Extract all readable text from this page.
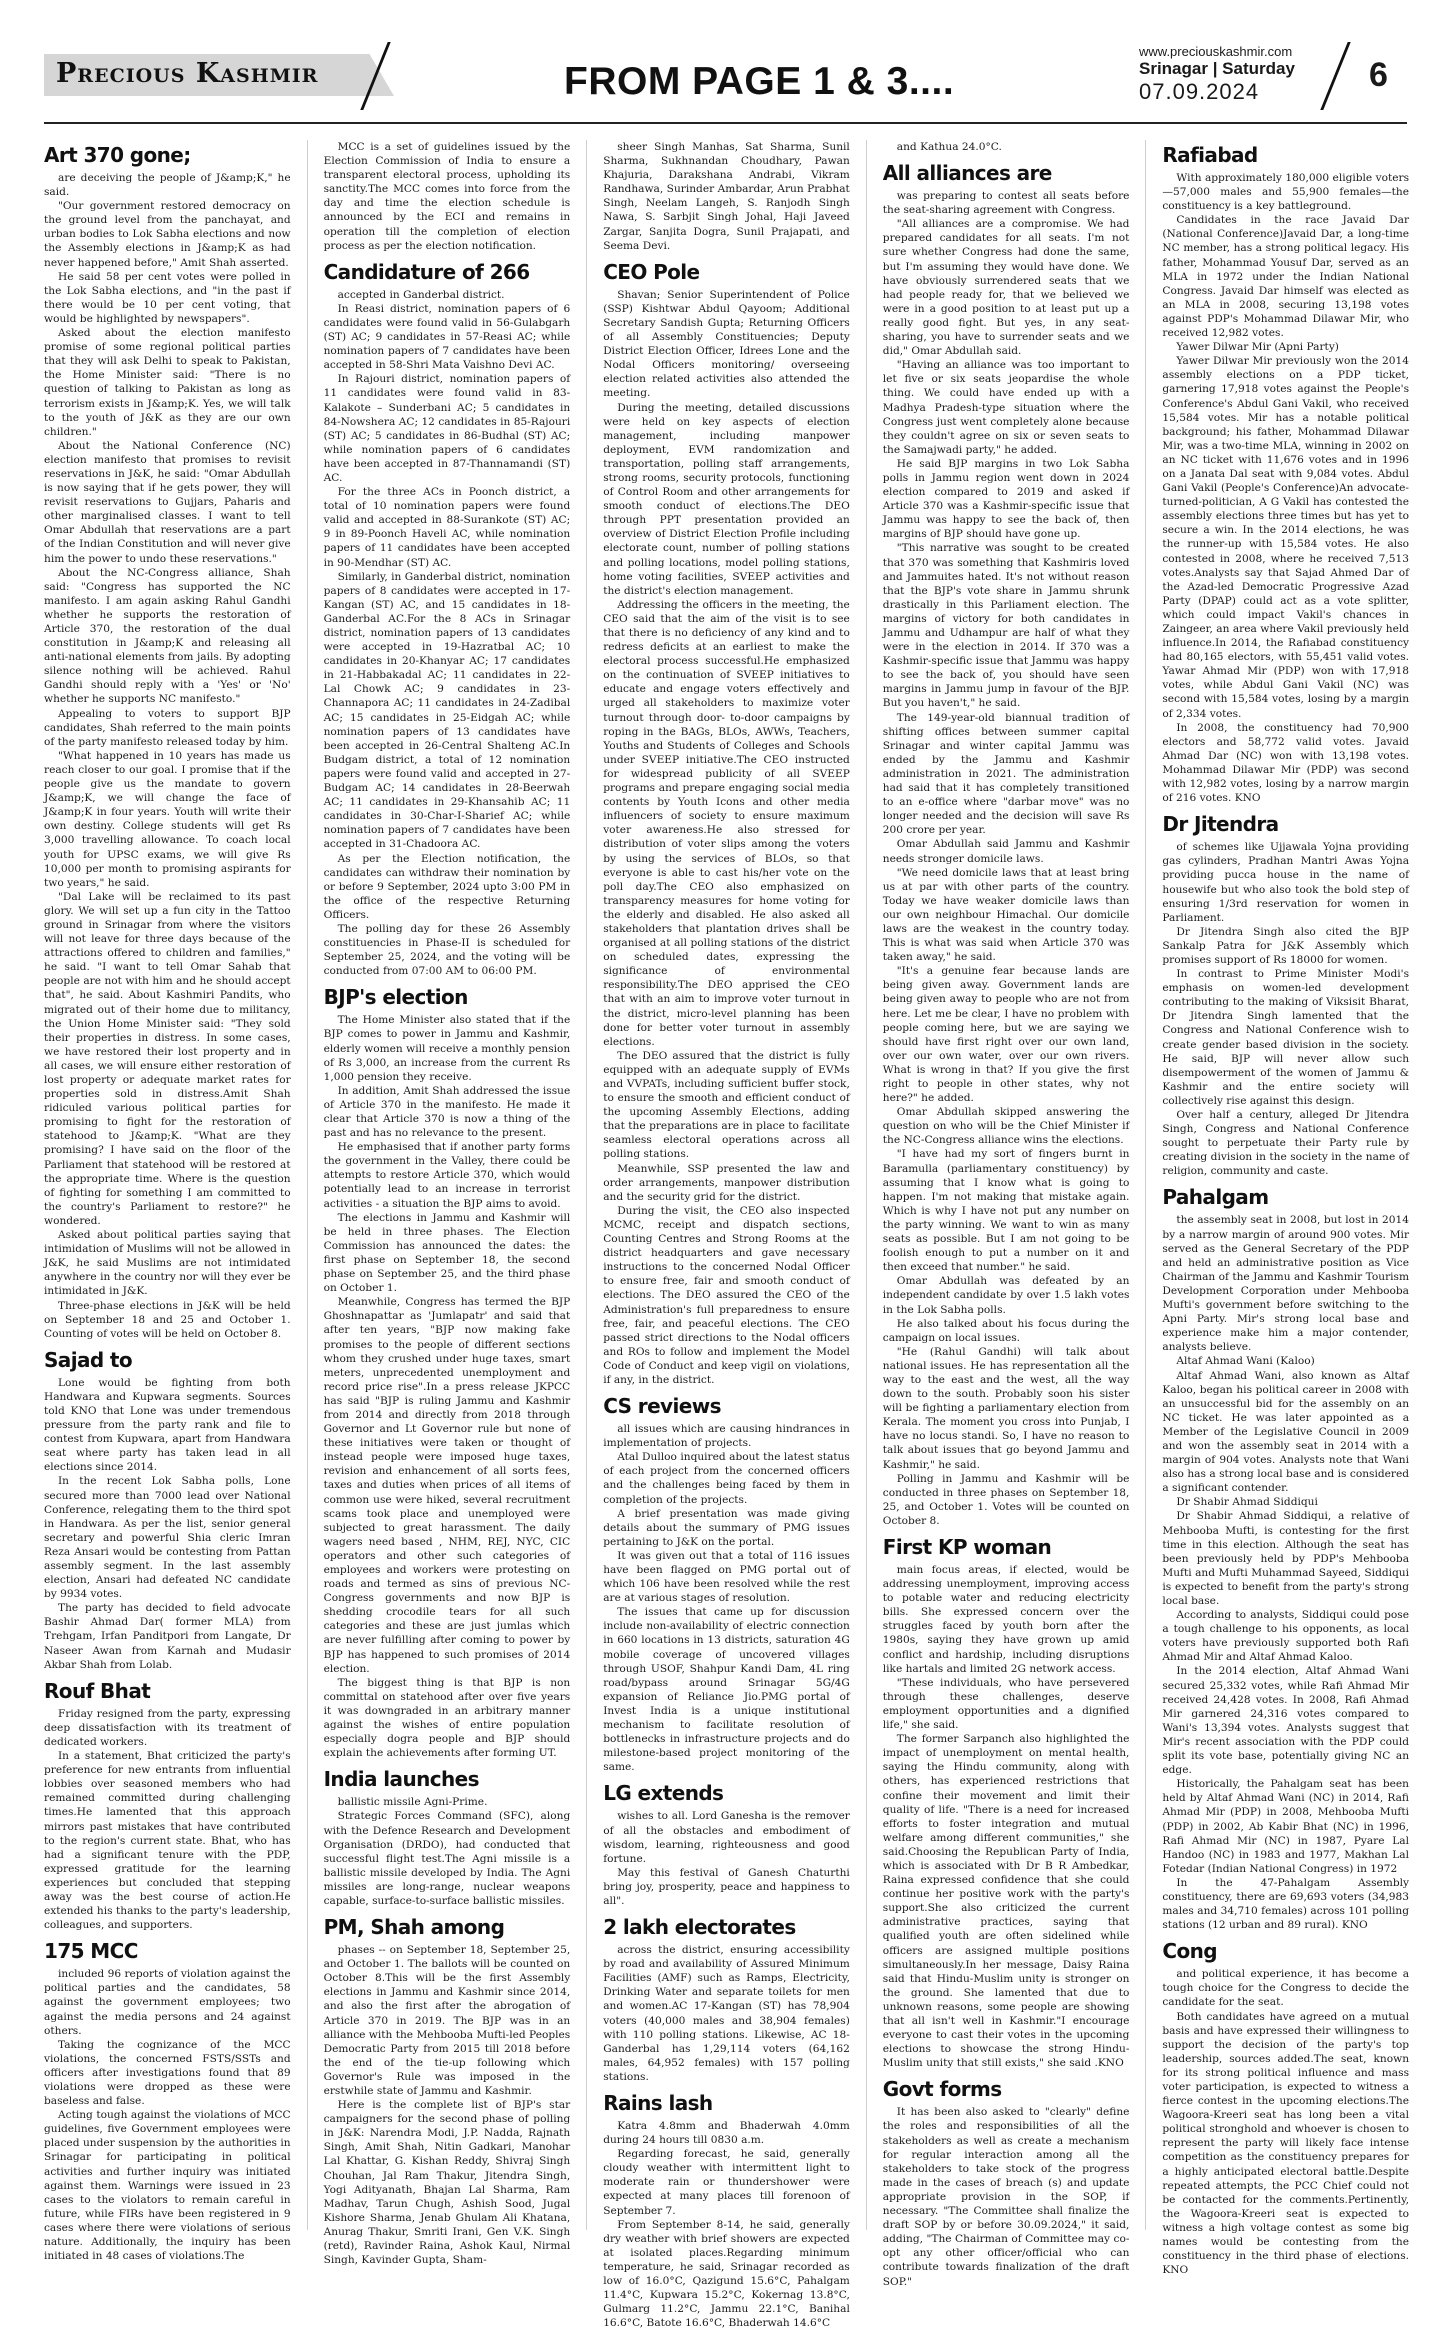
Precious Kashmir	FROM PAGE 1 & 3....
www.preciouskashmir.com
Srinagar | Saturday
07.09.2024	6
Art 370 gone;

are deceiving the people of J&amp;K," he said.

"Our government restored democracy on the ground level from the panchayat, and urban bodies to Lok Sabha elections and now the Assembly elections in J&amp;K as had never happened before," Amit Shah asserted.

He said 58 per cent votes were polled in the Lok Sabha elections, and "in the past if there would be 10 per cent voting, that would be highlighted by newspapers".

Asked about the election manifesto promise of some regional political parties that they will ask Delhi to speak to Pakistan, the Home Minister said: "There is no question of talking to Pakistan as long as terrorism exists in J&amp;K. Yes, we will talk to the youth of J&K as they are our own children."

About the National Conference (NC) election manifesto that promises to revisit reservations in J&K, he said: "Omar Abdullah is now saying that if he gets power, they will revisit reservations to Gujjars, Paharis and other marginalised classes. I want to tell Omar Abdullah that reservations are a part of the Indian Constitution and will never give him the power to undo these reservations."

About the NC-Congress alliance, Shah said: "Congress has supported the NC manifesto. I am again asking Rahul Gandhi whether he supports the restoration of Article 370, the restoration of the dual constitution in J&amp;K and releasing all anti-national elements from jails. By adopting silence nothing will be achieved. Rahul Gandhi should reply with a 'Yes' or 'No' whether he supports NC manifesto."

Appealing to voters to support BJP candidates, Shah referred to the main points of the party manifesto released today by him.

"What happened in 10 years has made us reach closer to our goal. I promise that if the people give us the mandate to govern J&amp;K, we will change the face of J&amp;K in four years. Youth will write their own destiny. College students will get Rs 3,000 travelling allowance. To coach local youth for UPSC exams, we will give Rs 10,000 per month to promising aspirants for two years," he said.

"Dal Lake will be reclaimed to its past glory. We will set up a fun city in the Tattoo ground in Srinagar from where the visitors will not leave for three days because of the attractions offered to children and families," he said. "I want to tell Omar Sahab that people are not with him and he should accept that", he said. About Kashmiri Pandits, who migrated out of their home due to militancy, the Union Home Minister said: "They sold their properties in distress. In some cases, we have restored their lost property and in all cases, we will ensure either restoration of lost property or adequate market rates for properties sold in distress.Amit Shah ridiculed various political parties for promising to fight for the restoration of statehood to J&amp;K. "What are they promising? I have said on the floor of the Parliament that statehood will be restored at the appropriate time. Where is the question of fighting for something I am committed to the country's Parliament to restore?" he wondered.

Asked about political parties saying that intimidation of Muslims will not be allowed in J&K, he said Muslims are not intimidated anywhere in the country nor will they ever be intimidated in J&K.

Three-phase elections in J&K will be held on September 18 and 25 and October 1. Counting of votes will be held on October 8.

Sajad to

Lone would be fighting from both Handwara and Kupwara segments. Sources told KNO that Lone was under tremendous pressure from the party rank and file to contest from Kupwara, apart from Handwara seat where party has taken lead in all elections since 2014.

In the recent Lok Sabha polls, Lone secured more than 7000 lead over National Conference, relegating them to the third spot in Handwara. As per the list, senior general secretary and powerful Shia cleric Imran Reza Ansari would be contesting from Pattan assembly segment. In the last assembly election, Ansari had defeated NC candidate by 9934 votes.

The party has decided to field advocate Bashir Ahmad Dar( former MLA) from Trehgam, Irfan Panditpori from Langate, Dr Naseer Awan from Karnah and Mudasir Akbar Shah from Lolab.

Rouf Bhat

Friday resigned from the party, expressing deep dissatisfaction with its treatment of dedicated workers.

In a statement, Bhat criticized the party's preference for new entrants from influential lobbies over seasoned members who had remained committed during challenging times.He lamented that this approach mirrors past mistakes that have contributed to the region's current state. Bhat, who has had a significant tenure with the PDP, expressed gratitude for the learning experiences but concluded that stepping away was the best course of action.He extended his thanks to the party's leadership, colleagues, and supporters.

175 MCC

included 96 reports of violation against the political parties and the candidates, 58 against the government employees; two against the media persons and 24 against others.

Taking the cognizance of the MCC violations, the concerned FSTS/SSTs and officers after investigations found that 89 violations were dropped as these were baseless and false.

Acting tough against the violations of MCC guidelines, five Government employees were placed under suspension by the authorities in Srinagar for participating in political activities and further inquiry was initiated against them. Warnings were issued in 23 cases to the violators to remain careful in future, while FIRs have been registered in 9 cases where there were violations of serious nature. Additionally, the inquiry has been initiated in 48 cases of violations.The

MCC is a set of guidelines issued by the Election Commission of India to ensure a transparent electoral process, upholding its sanctity.The MCC comes into force from the day and time the election schedule is announced by the ECI and remains in operation till the completion of election process as per the election notification.

Candidature of 266

accepted in Ganderbal district.

In Reasi district, nomination papers of 6 candidates were found valid in 56-Gulabgarh (ST) AC; 9 candidates in 57-Reasi AC; while nomination papers of 7 candidates have been accepted in 58-Shri Mata Vaishno Devi AC.

In Rajouri district, nomination papers of 11 candidates were found valid in 83-Kalakote – Sunderbani AC; 5 candidates in 84-Nowshera AC; 12 candidates in 85-Rajouri (ST) AC; 5 candidates in 86-Budhal (ST) AC; while nomination papers of 6 candidates have been accepted in 87-Thannamandi (ST) AC.

For the three ACs in Poonch district, a total of 10 nomination papers were found valid and accepted in 88-Surankote (ST) AC; 9 in 89-Poonch Haveli AC, while nomination papers of 11 candidates have been accepted in 90-Mendhar (ST) AC.

Similarly, in Ganderbal district, nomination papers of 8 candidates were accepted in 17- Kangan (ST) AC, and 15 candidates in 18- Ganderbal AC.For the 8 ACs in Srinagar district, nomination papers of 13 candidates were accepted in 19-Hazratbal AC; 10 candidates in 20-Khanyar AC; 17 candidates in 21-Habbakadal AC; 11 candidates in 22-Lal Chowk AC; 9 candidates in 23-Channapora AC; 11 candidates in 24-Zadibal AC; 15 candidates in 25-Eidgah AC; while nomination papers of 13 candidates have been accepted in 26-Central Shalteng AC.In Budgam district, a total of 12 nomination papers were found valid and accepted in 27-Budgam AC; 14 candidates in 28-Beerwah AC; 11 candidates in 29-Khansahib AC; 11 candidates in 30-Char-I-Sharief AC; while nomination papers of 7 candidates have been accepted in 31-Chadoora AC.

As per the Election notification, the candidates can withdraw their nomination by or before 9 September, 2024 upto 3:00 PM in the office of the respective Returning Officers.

The polling day for these 26 Assembly constituencies in Phase-II is scheduled for September 25, 2024, and the voting will be conducted from 07:00 AM to 06:00 PM.

BJP's election

The Home Minister also stated that if the BJP comes to power in Jammu and Kashmir, elderly women will receive a monthly pension of Rs 3,000, an increase from the current Rs 1,000 pension they receive.

In addition, Amit Shah addressed the issue of Article 370 in the manifesto. He made it clear that Article 370 is now a thing of the past and has no relevance to the present.

He emphasised that if another party forms the government in the Valley, there could be attempts to restore Article 370, which would potentially lead to an increase in terrorist activities - a situation the BJP aims to avoid.

The elections in Jammu and Kashmir will be held in three phases. The Election Commission has announced the dates: the first phase on September 18, the second phase on September 25, and the third phase on October 1.

Meanwhile, Congress has termed the BJP Ghoshnapattar as 'Jumlapatr' and said that after ten years, "BJP now making fake promises to the people of different sections whom they crushed under huge taxes, smart meters, unprecedented unemployment and record price rise".In a press release JKPCC has said "BJP is ruling Jammu and Kashmir from 2014 and directly from 2018 through Governor and Lt Governor rule but none of these initiatives were taken or thought of instead people were imposed huge taxes, revision and enhancement of all sorts fees, taxes and duties when prices of all items of common use were hiked, several recruitment scams took place and unemployed were subjected to great harassment. The daily wagers need based , NHM, REJ, NYC, CIC operators and other such categories of employees and workers were protesting on roads and termed as sins of previous NC- Congress governments and now BJP is shedding crocodile tears for all such categories and these are just jumlas which are never fulfilling after coming to power by BJP has happened to such promises of 2014 election.

The biggest thing is that BJP is non committal on statehood after over five years it was downgraded in an arbitrary manner against the wishes of entire population especially dogra people and BJP should explain the achievements after forming UT.

India launches

ballistic missile Agni-Prime.

Strategic Forces Command (SFC), along with the Defence Research and Development Organisation (DRDO), had conducted that successful flight test.The Agni missile is a ballistic missile developed by India. The Agni missiles are long-range, nuclear weapons capable, surface-to-surface ballistic missiles.

PM, Shah among

phases -- on September 18, September 25, and October 1. The ballots will be counted on October 8.This will be the first Assembly elections in Jammu and Kashmir since 2014, and also the first after the abrogation of Article 370 in 2019. The BJP was in an alliance with the Mehbooba Mufti-led Peoples Democratic Party from 2015 till 2018 before the end of the tie-up following which Governor's Rule was imposed in the erstwhile state of Jammu and Kashmir.

Here is the complete list of BJP's star campaigners for the second phase of polling in J&K: Narendra Modi, J.P. Nadda, Rajnath Singh, Amit Shah, Nitin Gadkari, Manohar Lal Khattar, G. Kishan Reddy, Shivraj Singh Chouhan, Jal Ram Thakur, Jitendra Singh, Yogi Adityanath, Bhajan Lal Sharma, Ram Madhav, Tarun Chugh, Ashish Sood, Jugal Kishore Sharma, Jenab Ghulam Ali Khatana, Anurag Thakur, Smriti Irani, Gen V.K. Singh (retd), Ravinder Raina, Ashok Kaul, Nirmal Singh, Kavinder Gupta, Sham-

sheer Singh Manhas, Sat Sharma, Sunil Sharma, Sukhnandan Choudhary, Pawan Khajuria, Darakshana Andrabi, Vikram Randhawa, Surinder Ambardar, Arun Prabhat Singh, Neelam Langeh, S. Ranjodh Singh Nawa, S. Sarbjit Singh Johal, Haji Javeed Zargar, Sanjita Dogra, Sunil Prajapati, and Seema Devi.

CEO Pole

Shavan; Senior Superintendent of Police (SSP) Kishtwar Abdul Qayoom; Additional Secretary Sandish Gupta; Returning Officers of all Assembly Constituencies; Deputy District Election Officer, Idrees Lone and the Nodal Officers monitoring/ overseeing election related activities also attended the meeting.

During the meeting, detailed discussions were held on key aspects of election management, including manpower deployment, EVM randomization and transportation, polling staff arrangements, strong rooms, security protocols, functioning of Control Room and other arrangements for smooth conduct of elections.The DEO through PPT presentation provided an overview of District Election Profile including electorate count, number of polling stations and polling locations, model polling stations, home voting facilities, SVEEP activities and the district's election management.

Addressing the officers in the meeting, the CEO said that the aim of the visit is to see that there is no deficiency of any kind and to redress deficits at an earliest to make the electoral process successful.He emphasized on the continuation of SVEEP initiatives to educate and engage voters effectively and urged all stakeholders to maximize voter turnout through door- to-door campaigns by roping in the BAGs, BLOs, AWWs, Teachers, Youths and Students of Colleges and Schools under SVEEP initiative.The CEO instructed for widespread publicity of all SVEEP programs and prepare engaging social media contents by Youth Icons and other media influencers of society to ensure maximum voter awareness.He also stressed for distribution of voter slips among the voters by using the services of BLOs, so that everyone is able to cast his/her vote on the poll day.The CEO also emphasized on transparency measures for home voting for the elderly and disabled. He also asked all stakeholders that plantation drives shall be organised at all polling stations of the district on scheduled dates, expressing the significance of environmental responsibility.The DEO apprised the CEO that with an aim to improve voter turnout in the district, micro-level planning has been done for better voter turnout in assembly elections.

The DEO assured that the district is fully equipped with an adequate supply of EVMs and VVPATs, including sufficient buffer stock, to ensure the smooth and efficient conduct of the upcoming Assembly Elections, adding that the preparations are in place to facilitate seamless electoral operations across all polling stations.

Meanwhile, SSP presented the law and order arrangements, manpower distribution and the security grid for the district.

During the visit, the CEO also inspected MCMC, receipt and dispatch sections, Counting Centres and Strong Rooms at the district headquarters and gave necessary instructions to the concerned Nodal Officer to ensure free, fair and smooth conduct of elections. The DEO assured the CEO of the Administration's full preparedness to ensure free, fair, and peaceful elections. The CEO passed strict directions to the Nodal officers and ROs to follow and implement the Model Code of Conduct and keep vigil on violations, if any, in the district.

CS reviews

all issues which are causing hindrances in implementation of projects.

Atal Dulloo inquired about the latest status of each project from the concerned officers and the challenges being faced by them in completion of the projects.

A brief presentation was made giving details about the summary of PMG issues pertaining to J&K on the portal.

It was given out that a total of 116 issues have been flagged on PMG portal out of which 106 have been resolved while the rest are at various stages of resolution.

The issues that came up for discussion include non-availability of electric connection in 660 locations in 13 districts, saturation 4G mobile coverage of uncovered villages through USOF, Shahpur Kandi Dam, 4L ring road/bypass around Srinagar 5G/4G expansion of Reliance Jio.PMG portal of Invest India is a unique institutional mechanism to facilitate resolution of bottlenecks in infrastructure projects and do milestone-based project monitoring of the same.

LG extends

wishes to all. Lord Ganesha is the remover of all the obstacles and embodiment of wisdom, learning, righteousness and good fortune.

May this festival of Ganesh Chaturthi bring joy, prosperity, peace and happiness to all".

2 lakh electorates

across the district, ensuring accessibility by road and availability of Assured Minimum Facilities (AMF) such as Ramps, Electricity, Drinking Water and separate toilets for men and women.AC 17-Kangan (ST) has 78,904 voters (40,000 males and 38,904 females) with 110 polling stations. Likewise, AC 18-Ganderbal has 1,29,114 voters (64,162 males, 64,952 females) with 157 polling stations.

Rains lash

Katra 4.8mm and Bhaderwah 4.0mm during 24 hours till 0830 a.m.

Regarding forecast, he said, generally cloudy weather with intermittent light to moderate rain or thundershower were expected at many places till forenoon of September 7.

From September 8-14, he said, generally dry weather with brief showers are expected at isolated places.Regarding minimum temperature, he said, Srinagar recorded as low of 16.0°C, Qazigund 15.6°C, Pahalgam 11.4°C, Kupwara 15.2°C, Kokernag 13.8°C, Gulmarg 11.2°C, Jammu 22.1°C, Banihal 16.6°C, Batote 16.6°C, Bhaderwah 14.6°C

and Kathua 24.0°C.

All alliances are

was preparing to contest all seats before the seat-sharing agreement with Congress.

"All alliances are a compromise. We had prepared candidates for all seats. I'm not sure whether Congress had done the same, but I'm assuming they would have done. We have obviously surrendered seats that we had people ready for, that we believed we were in a good position to at least put up a really good fight. But yes, in any seat-sharing, you have to surrender seats and we did," Omar Abdullah said.

"Having an alliance was too important to let five or six seats jeopardise the whole thing. We could have ended up with a Madhya Pradesh-type situation where the Congress just went completely alone because they couldn't agree on six or seven seats to the Samajwadi party," he added.

He said BJP margins in two Lok Sabha polls in Jammu region went down in 2024 election compared to 2019 and asked if Article 370 was a Kashmir-specific issue that Jammu was happy to see the back of, then margins of BJP should have gone up.

"This narrative was sought to be created that 370 was something that Kashmiris loved and Jammuites hated. It's not without reason that the BJP's vote share in Jammu shrunk drastically in this Parliament election. The margins of victory for both candidates in Jammu and Udhampur are half of what they were in the election in 2014. If 370 was a Kashmir-specific issue that Jammu was happy to see the back of, you should have seen margins in Jammu jump in favour of the BJP. But you haven't," he said.

The 149-year-old biannual tradition of shifting offices between summer capital Srinagar and winter capital Jammu was ended by the Jammu and Kashmir administration in 2021. The administration had said that it has completely transitioned to an e-office where "darbar move" was no longer needed and the decision will save Rs 200 crore per year.

Omar Abdullah said Jammu and Kashmir needs stronger domicile laws.

"We need domicile laws that at least bring us at par with other parts of the country. Today we have weaker domicile laws than our own neighbour Himachal. Our domicile laws are the weakest in the country today. This is what was said when Article 370 was taken away," he said.

"It's a genuine fear because lands are being given away. Government lands are being given away to people who are not from here. Let me be clear, I have no problem with people coming here, but we are saying we should have first right over our own land, over our own water, over our own rivers. What is wrong in that? If you give the first right to people in other states, why not here?" he added.

Omar Abdullah skipped answering the question on who will be the Chief Minister if the NC-Congress alliance wins the elections.

"I have had my sort of fingers burnt in Baramulla (parliamentary constituency) by assuming that I know what is going to happen. I'm not making that mistake again. Which is why I have not put any number on the party winning. We want to win as many seats as possible. But I am not going to be foolish enough to put a number on it and then exceed that number." he said.

Omar Abdullah was defeated by an independent candidate by over 1.5 lakh votes in the Lok Sabha polls.

He also talked about his focus during the campaign on local issues.

"He (Rahul Gandhi) will talk about national issues. He has representation all the way to the east and the west, all the way down to the south. Probably soon his sister will be fighting a parliamentary election from Kerala. The moment you cross into Punjab, I have no locus standi. So, I have no reason to talk about issues that go beyond Jammu and Kashmir," he said.

Polling in Jammu and Kashmir will be conducted in three phases on September 18, 25, and October 1. Votes will be counted on October 8.

First KP woman

main focus areas, if elected, would be addressing unemployment, improving access to potable water and reducing electricity bills. She expressed concern over the struggles faced by youth born after the 1980s, saying they have grown up amid conflict and hardship, including disruptions like hartals and limited 2G network access.

"These individuals, who have persevered through these challenges, deserve employment opportunities and a dignified life," she said.

The former Sarpanch also highlighted the impact of unemployment on mental health, saying the Hindu community, along with others, has experienced restrictions that confine their movement and limit their quality of life. "There is a need for increased efforts to foster integration and mutual welfare among different communities," she said.Choosing the Republican Party of India, which is associated with Dr B R Ambedkar, Raina expressed confidence that she could continue her positive work with the party's support.She also criticized the current administrative practices, saying that qualified youth are often sidelined while officers are assigned multiple positions simultaneously.In her message, Daisy Raina said that Hindu-Muslim unity is stronger on the ground. She lamented that due to unknown reasons, some people are showing that all isn't well in Kashmir."I encourage everyone to cast their votes in the upcoming elections to showcase the strong Hindu-Muslim unity that still exists," she said .KNO

Govt forms

It has been also asked to "clearly" define the roles and responsibilities of all the stakeholders as well as create a mechanism for regular interaction among all the stakeholders to take stock of the progress made in the cases of breach (s) and update appropriate provision in the SOP, if necessary. "The Committee shall finalize the draft SOP by or before 30.09.2024," it said, adding, "The Chairman of Committee may co-opt any other officer/official who can contribute towards finalization of the draft SOP."

Rafiabad

With approximately 180,000 eligible voters—57,000 males and 55,900 females—the constituency is a key battleground.

Candidates in the race Javaid Dar (National Conference)Javaid Dar, a long-time NC member, has a strong political legacy. His father, Mohammad Yousuf Dar, served as an MLA in 1972 under the Indian National Congress. Javaid Dar himself was elected as an MLA in 2008, securing 13,198 votes against PDP's Mohammad Dilawar Mir, who received 12,982 votes.

Yawer Dilwar Mir (Apni Party)

Yawer Dilwar Mir previously won the 2014 assembly elections on a PDP ticket, garnering 17,918 votes against the People's Conference's Abdul Gani Vakil, who received 15,584 votes. Mir has a notable political background; his father, Mohammad Dilawar Mir, was a two-time MLA, winning in 2002 on an NC ticket with 11,676 votes and in 1996 on a Janata Dal seat with 9,084 votes. Abdul Gani Vakil (People's Conference)An advocate-turned-politician, A G Vakil has contested the assembly elections three times but has yet to secure a win. In the 2014 elections, he was the runner-up with 15,584 votes. He also contested in 2008, where he received 7,513 votes.Analysts say that Sajad Ahmed Dar of the Azad-led Democratic Progressive Azad Party (DPAP) could act as a vote splitter, which could impact Vakil's chances in Zaingeer, an area where Vakil previously held influence.In 2014, the Rafiabad constituency had 80,165 electors, with 55,451 valid votes. Yawar Ahmad Mir (PDP) won with 17,918 votes, while Abdul Gani Vakil (NC) was second with 15,584 votes, losing by a margin of 2,334 votes.

In 2008, the constituency had 70,900 electors and 58,772 valid votes. Javaid Ahmad Dar (NC) won with 13,198 votes. Mohammad Dilawar Mir (PDP) was second with 12,982 votes, losing by a narrow margin of 216 votes. KNO

Dr Jitendra

of schemes like Ujjawala Yojna providing gas cylinders, Pradhan Mantri Awas Yojna providing pucca house in the name of housewife but who also took the bold step of ensuring 1/3rd reservation for women in Parliament.

Dr Jitendra Singh also cited the BJP Sankalp Patra for J&K Assembly which promises support of Rs 18000 for women.

In contrast to Prime Minister Modi's emphasis on women-led development contributing to the making of Viksisit Bharat, Dr Jitendra Singh lamented that the Congress and National Conference wish to create gender based division in the society. He said, BJP will never allow such disempowerment of the women of Jammu & Kashmir and the entire society will collectively rise against this design.

Over half a century, alleged Dr Jitendra Singh, Congress and National Conference sought to perpetuate their Party rule by creating division in the society in the name of religion, community and caste.

Pahalgam

the assembly seat in 2008, but lost in 2014 by a narrow margin of around 900 votes. Mir served as the General Secretary of the PDP and held an administrative position as Vice Chairman of the Jammu and Kashmir Tourism Development Corporation under Mehbooba Mufti's government before switching to the Apni Party. Mir's strong local base and experience make him a major contender, analysts believe.

Altaf Ahmad Wani (Kaloo)

Altaf Ahmad Wani, also known as Altaf Kaloo, began his political career in 2008 with an unsuccessful bid for the assembly on an NC ticket. He was later appointed as a Member of the Legislative Council in 2009 and won the assembly seat in 2014 with a margin of 904 votes. Analysts note that Wani also has a strong local base and is considered a significant contender.

Dr Shabir Ahmad Siddiqui

Dr Shabir Ahmad Siddiqui, a relative of Mehbooba Mufti, is contesting for the first time in this election. Although the seat has been previously held by PDP's Mehbooba Mufti and Mufti Muhammad Sayeed, Siddiqui is expected to benefit from the party's strong local base.

According to analysts, Siddiqui could pose a tough challenge to his opponents, as local voters have previously supported both Rafi Ahmad Mir and Altaf Ahmad Kaloo.

In the 2014 election, Altaf Ahmad Wani secured 25,332 votes, while Rafi Ahmad Mir received 24,428 votes. In 2008, Rafi Ahmad Mir garnered 24,316 votes compared to Wani's 13,394 votes. Analysts suggest that Mir's recent association with the PDP could split its vote base, potentially giving NC an edge.

Historically, the Pahalgam seat has been held by Altaf Ahmad Wani (NC) in 2014, Rafi Ahmad Mir (PDP) in 2008, Mehbooba Mufti (PDP) in 2002, Ab Kabir Bhat (NC) in 1996, Rafi Ahmad Mir (NC) in 1987, Pyare Lal Handoo (NC) in 1983 and 1977, Makhan Lal Fotedar (Indian National Congress) in 1972

In the 47-Pahalgam Assembly constituency, there are 69,693 voters (34,983 males and 34,710 females) across 101 polling stations (12 urban and 89 rural). KNO

Cong

and political experience, it has become a tough choice for the Congress to decide the candidate for the seat.

Both candidates have agreed on a mutual basis and have expressed their willingness to support the decision of the party's top leadership, sources added.The seat, known for its strong political influence and mass voter participation, is expected to witness a fierce contest in the upcoming elections.The Wagoora-Kreeri seat has long been a vital political stronghold and whoever is chosen to represent the party will likely face intense competition as the constituency prepares for a highly anticipated electoral battle.Despite repeated attempts, the PCC Chief could not be contacted for the comments.Pertinently, the Wagoora-Kreeri seat is expected to witness a high voltage contest as some big names would be contesting from the constituency in the third phase of elections. KNO
